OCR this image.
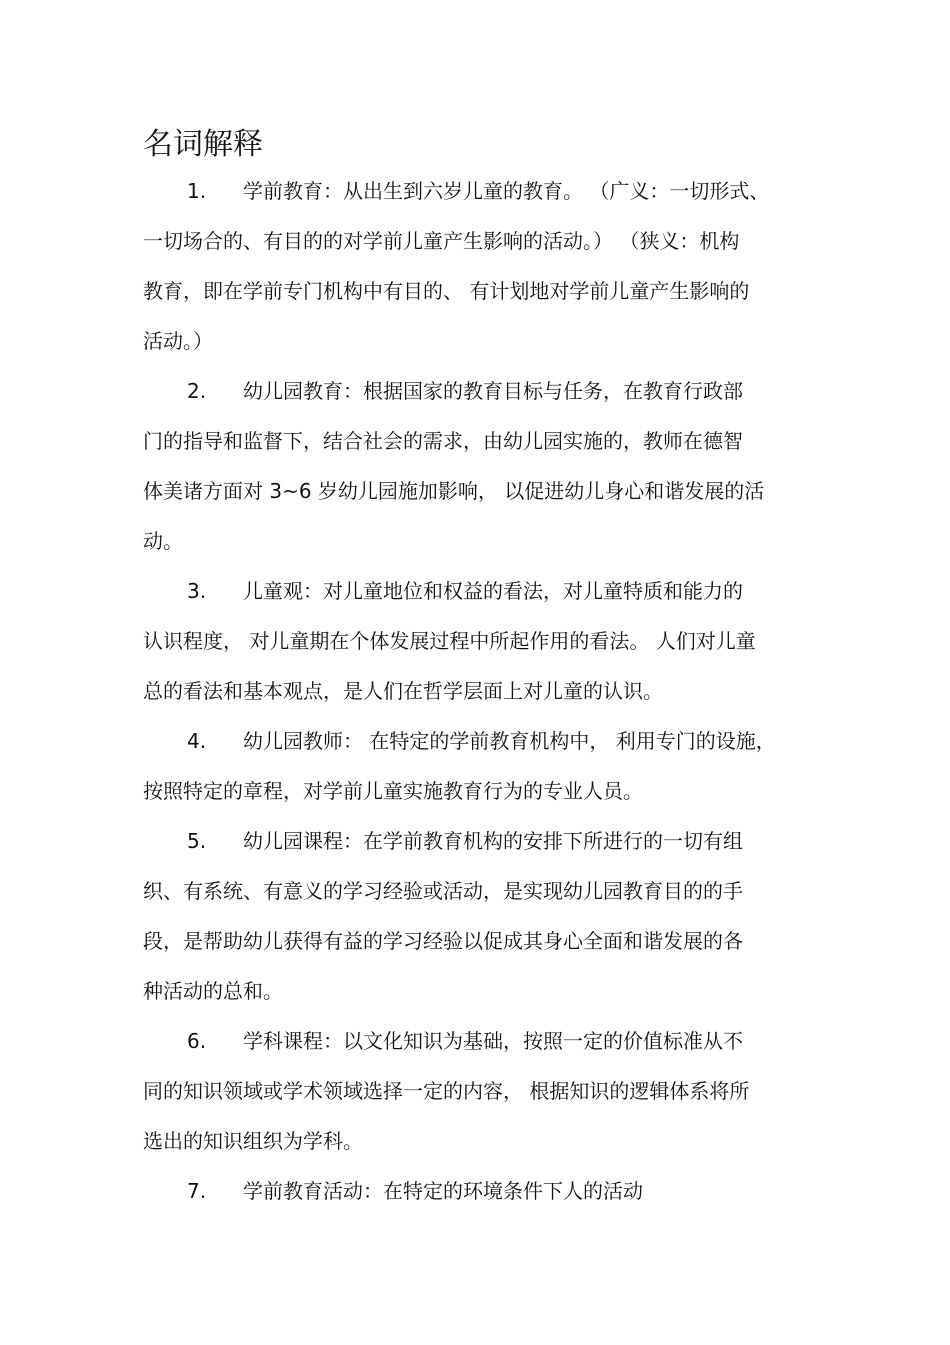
名词解释
1.	学前教育：从出生到六岁儿童的教育。 （广义：一切形式、
一切场合的、有目的的对学前儿童产生影响的活动。） （狭义：机构
教育，即在学前专门机构中有目的、 有计划地对学前儿童产生影响的
活动。）
2.	幼儿园教育：根据国家的教育目标与任务，在教育行政部
门的指导和监督下，结合社会的需求，由幼儿园实施的，教师在德智
体美诸方面对 3~6 岁幼儿园施加影响， 以促进幼儿身心和谐发展的活
动。
3.	儿童观：对儿童地位和权益的看法，对儿童特质和能力的
认识程度， 对儿童期在个体发展过程中所起作用的看法。 人们对儿童
总的看法和基本观点，是人们在哲学层面上对儿童的认识。
4.	幼儿园教师： 在特定的学前教育机构中， 利用专门的设施，
按照特定的章程，对学前儿童实施教育行为的专业人员。
5.	幼儿园课程：在学前教育机构的安排下所进行的一切有组
织、有系统、有意义的学习经验或活动，是实现幼儿园教育目的的手
段，是帮助幼儿获得有益的学习经验以促成其身心全面和谐发展的各
种活动的总和。
6.	学科课程：以文化知识为基础，按照一定的价值标准从不
同的知识领域或学术领域选择一定的内容， 根据知识的逻辑体系将所
选出的知识组织为学科。
7.	学前教育活动：在特定的环境条件下人的活动
